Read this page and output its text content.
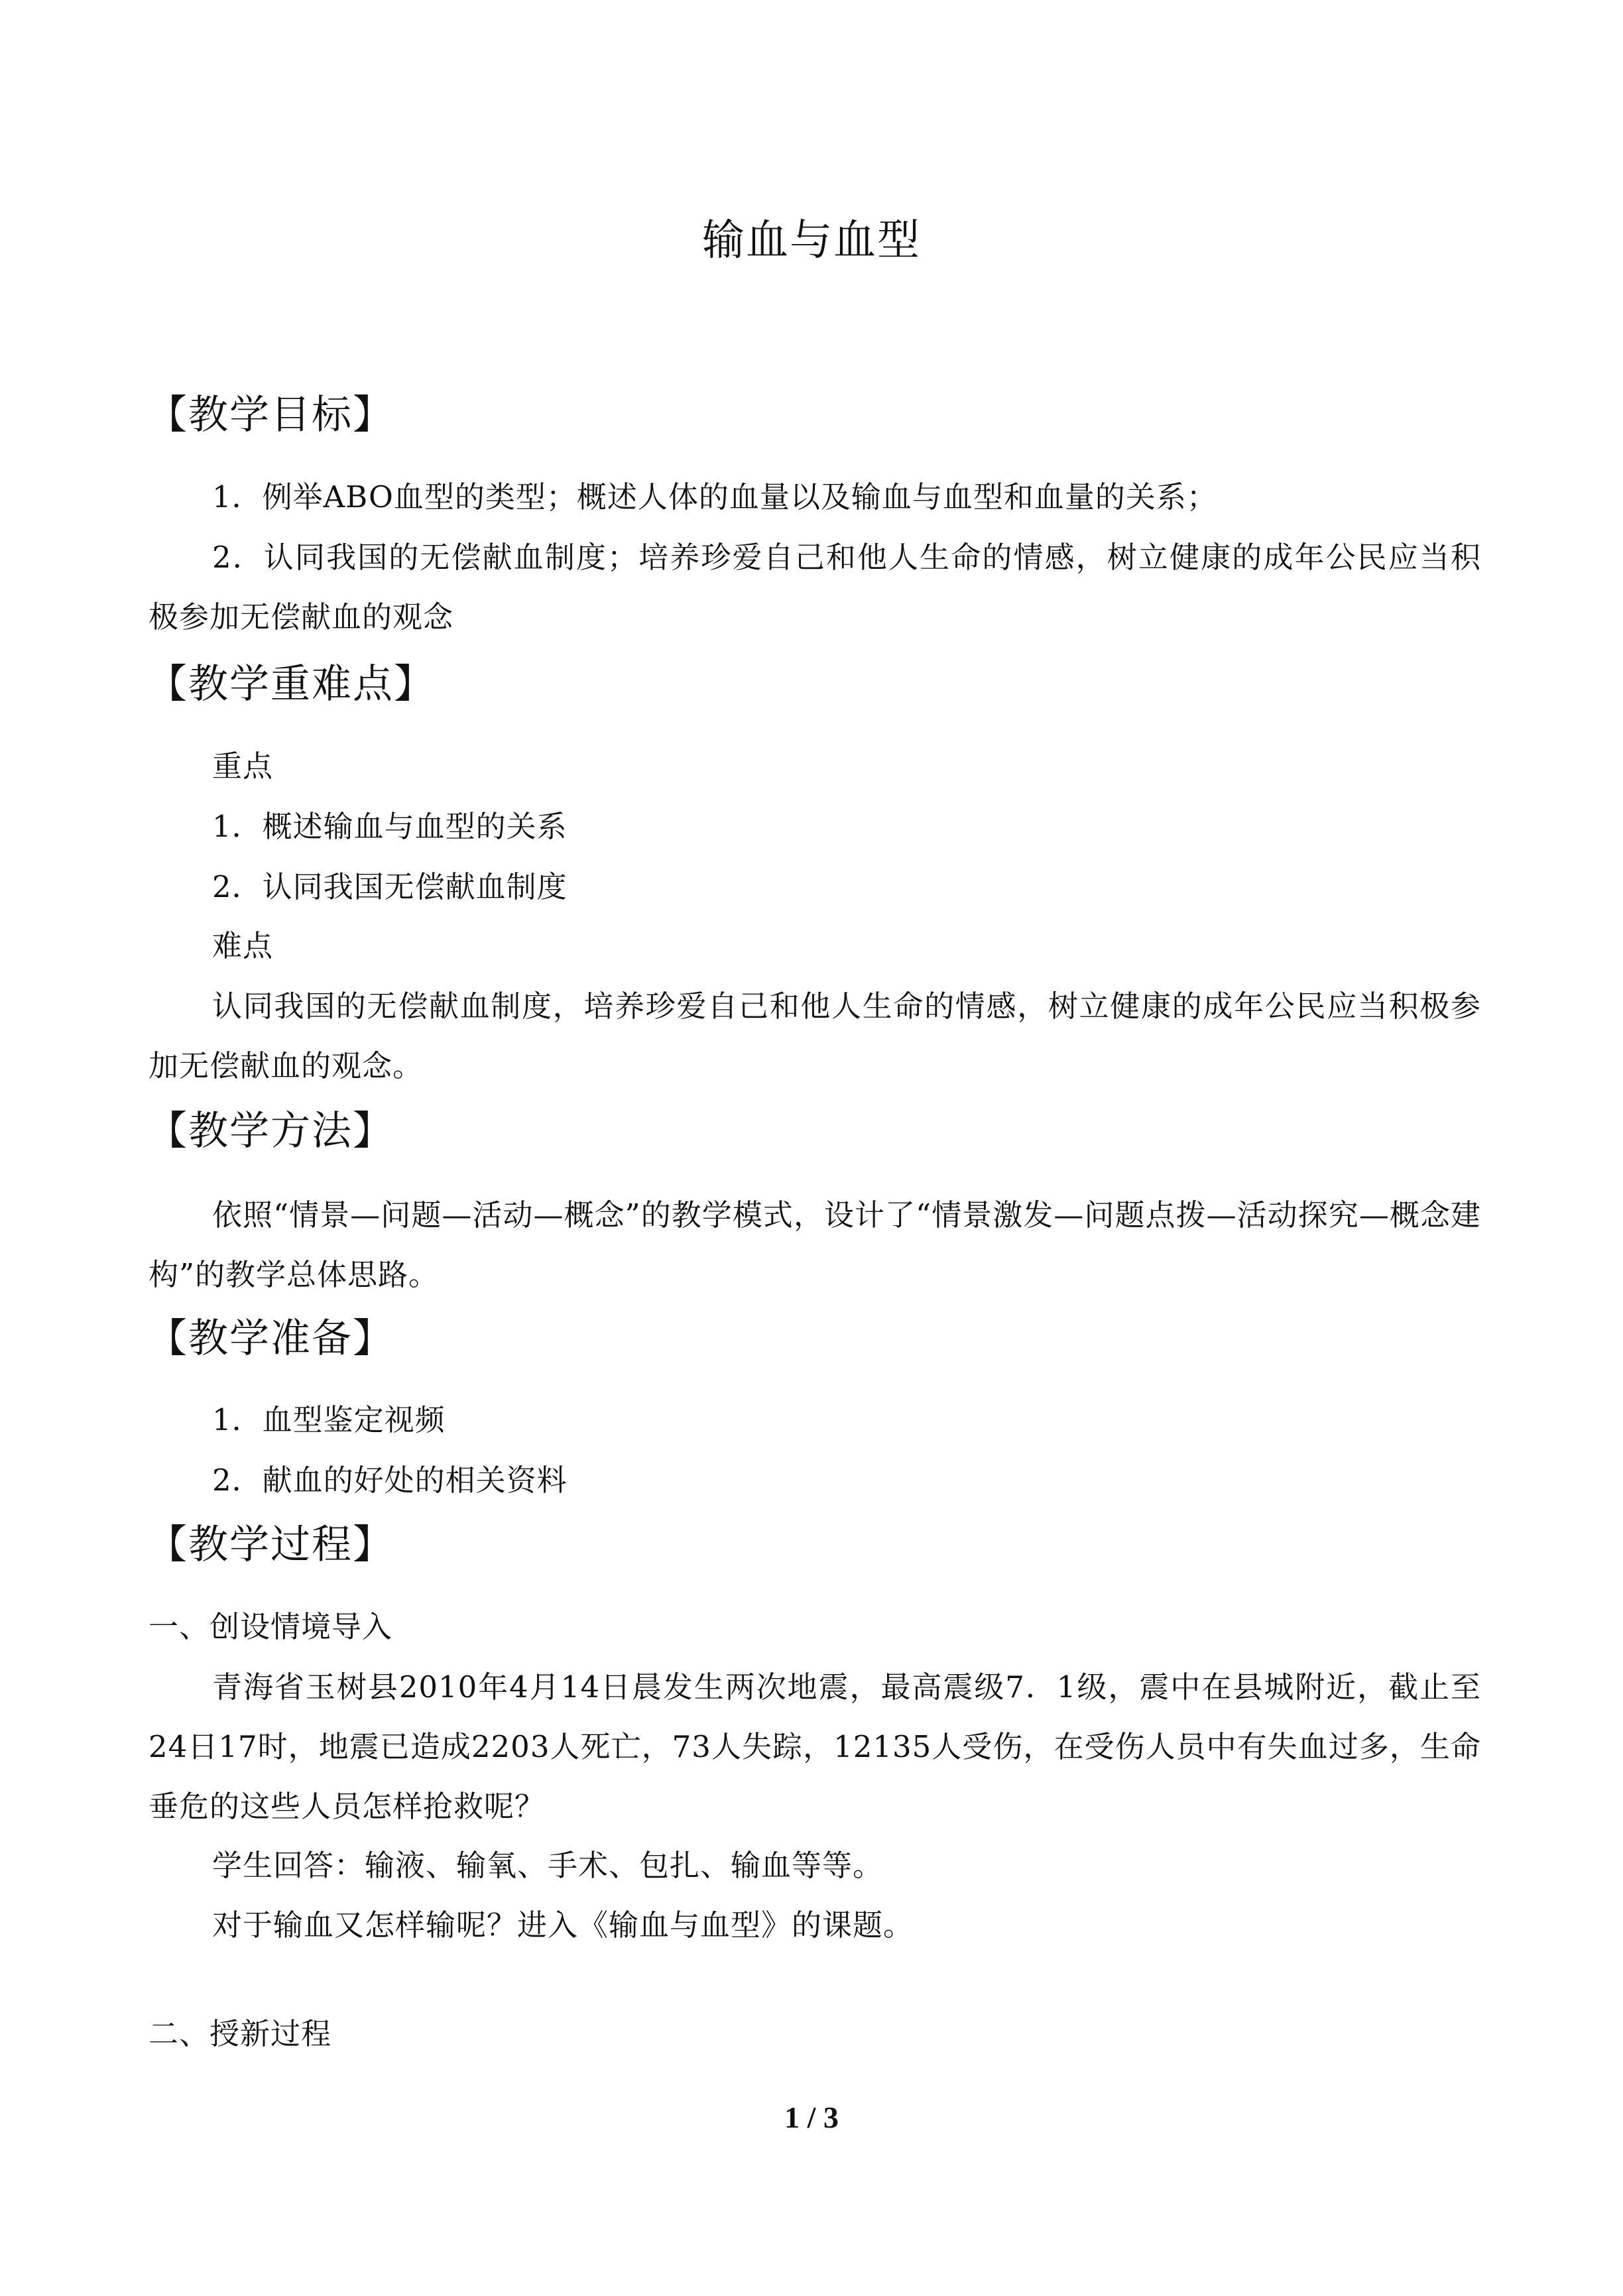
输血与血型
【教学目标】
1．例举ABO血型的类型；概述人体的血量以及输血与血型和血量的关系；
2．认同我国的无偿献血制度；培养珍爱自己和他人生命的情感，树立健康的成年公民应当积极参加无偿献血的观念
【教学重难点】
重点
1．概述输血与血型的关系
2．认同我国无偿献血制度
难点
认同我国的无偿献血制度，培养珍爱自己和他人生命的情感，树立健康的成年公民应当积极参加无偿献血的观念。
【教学方法】
依照“情景—问题—活动—概念”的教学模式，设计了“情景激发—问题点拨—活动探究—概念建构”的教学总体思路。
【教学准备】
1．血型鉴定视频
2．献血的好处的相关资料
【教学过程】
一、创设情境导入
青海省玉树县2010年4月14日晨发生两次地震，最高震级7．1级，震中在县城附近，截止至24日17时，地震已造成2203人死亡，73人失踪，12135人受伤，在受伤人员中有失血过多，生命垂危的这些人员怎样抢救呢？
学生回答：输液、输氧、手术、包扎、输血等等。
对于输血又怎样输呢？进入《输血与血型》的课题。
二、授新过程
1 / 3
